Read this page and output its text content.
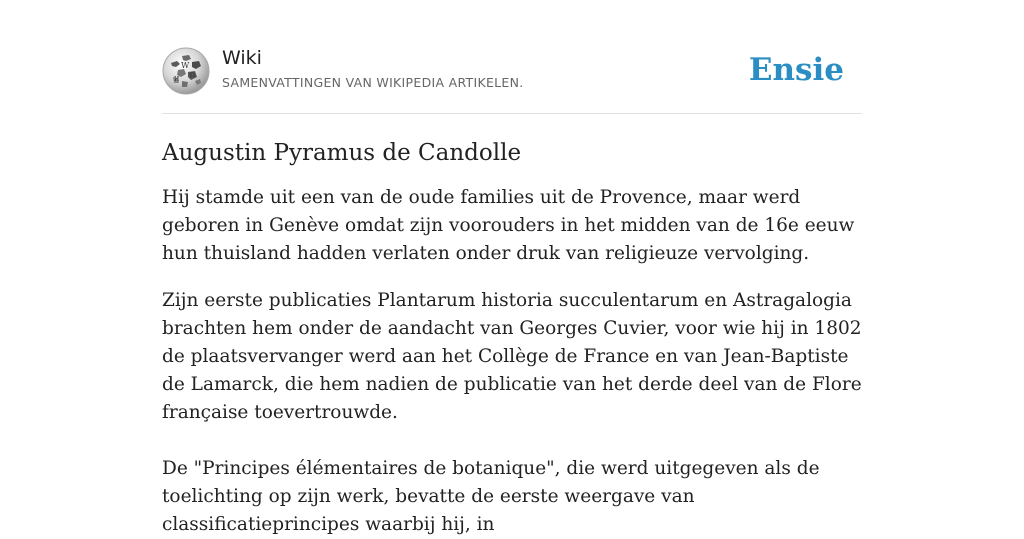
W
Ω
И
Wiki
SAMENVATTINGEN VAN WIKIPEDIA ARTIKELEN.	Ensie
Augustin Pyramus de Candolle

Hij stamde uit een van de oude families uit de Provence, maar werd geboren in Genève omdat zijn voorouders in het midden van de 16e eeuw hun thuisland hadden verlaten onder druk van religieuze vervolging.

Zijn eerste publicaties Plantarum historia succulentarum en Astragalogia brachten hem onder de aandacht van Georges Cuvier, voor wie hij in 1802 de plaatsvervanger werd aan het Collège de France en van Jean-Baptiste de Lamarck, die hem nadien de publicatie van het derde deel van de Flore française toevertrouwde.

De "Principes élémentaires de botanique", die werd uitgegeven als de toelichting op zijn werk, bevatte de eerste weergave van classificatieprincipes waarbij hij, in
